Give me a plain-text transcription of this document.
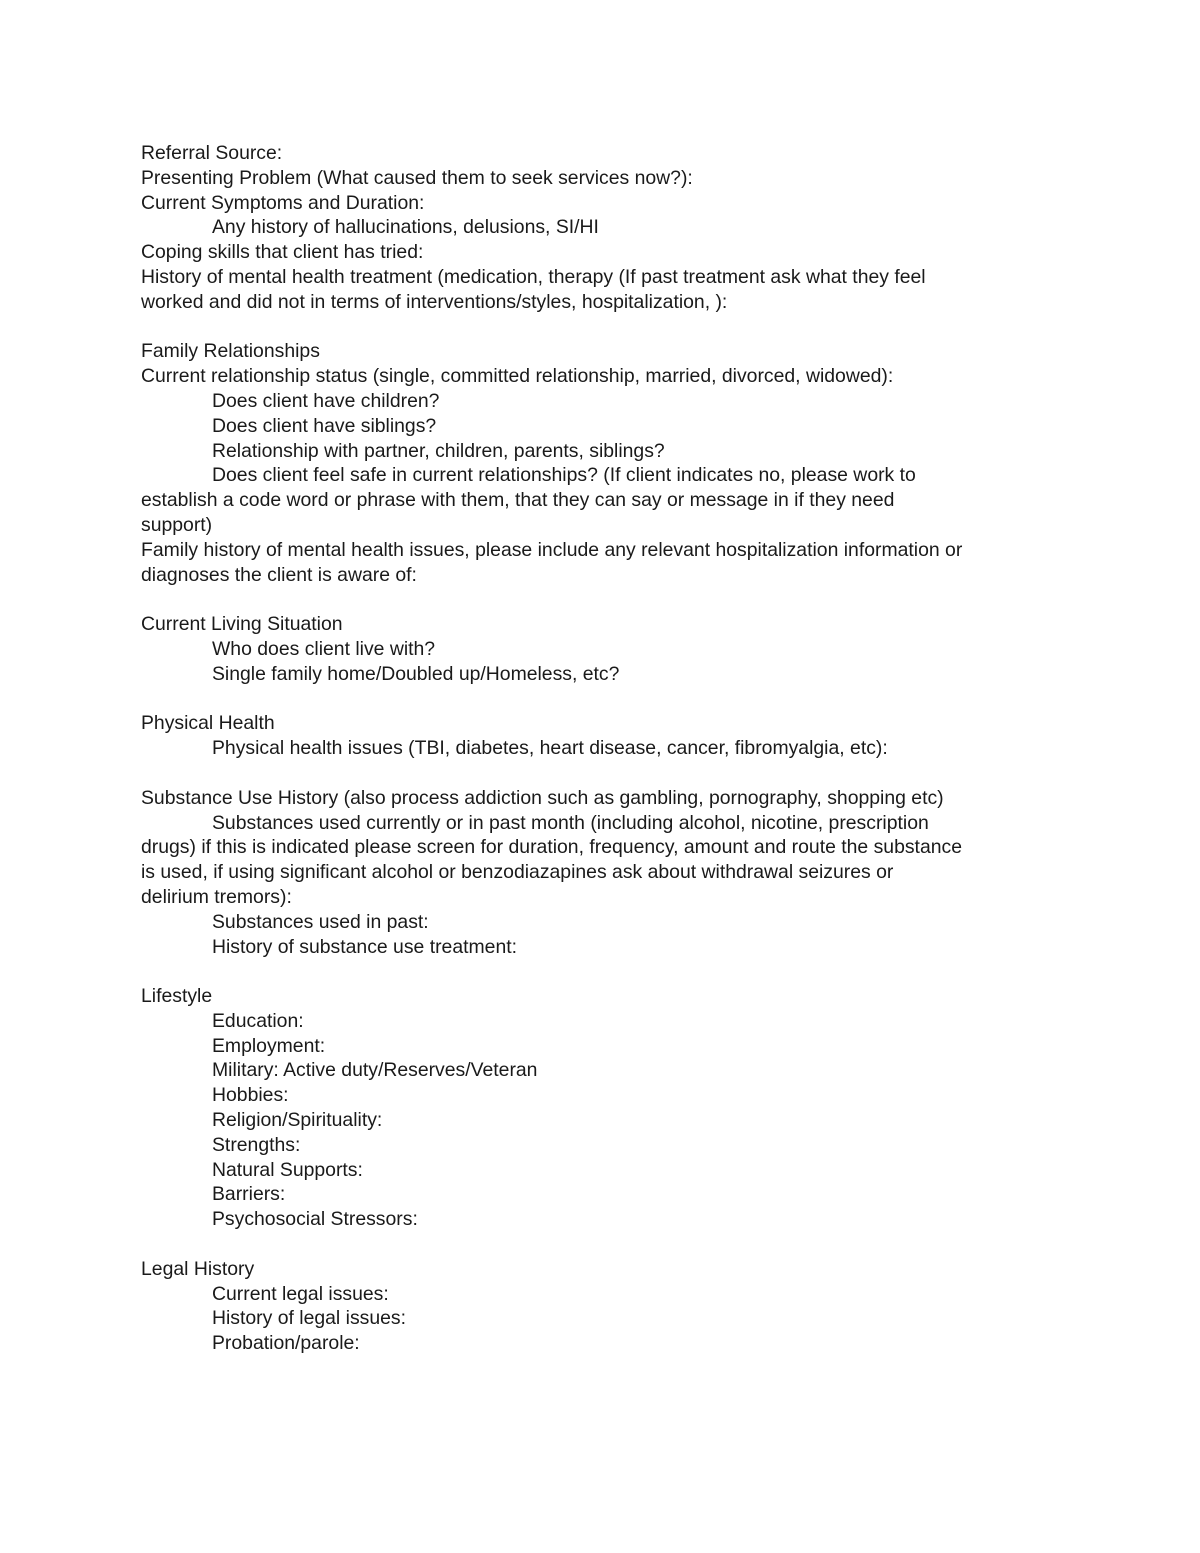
Referral Source:

Presenting Problem (What caused them to seek services now?):

Current Symptoms and Duration:

Any history of hallucinations, delusions, SI/HI

Coping skills that client has tried:

History of mental health treatment (medication, therapy (If past treatment ask what they feel

worked and did not in terms of interventions/styles, hospitalization, ):

Family Relationships

Current relationship status (single, committed relationship, married, divorced, widowed):

Does client have children?

Does client have siblings?

Relationship with partner, children, parents, siblings?

Does client feel safe in current relationships? (If client indicates no, please work to

establish a code word or phrase with them, that they can say or message in if they need

support)

Family history of mental health issues, please include any relevant hospitalization information or

diagnoses the client is aware of:

Current Living Situation

Who does client live with?

Single family home/Doubled up/Homeless, etc?

Physical Health

Physical health issues (TBI, diabetes, heart disease, cancer, fibromyalgia, etc):

Substance Use History (also process addiction such as gambling, pornography, shopping etc)

Substances used currently or in past month (including alcohol, nicotine, prescription

drugs) if this is indicated please screen for duration, frequency, amount and route the substance

is used, if using significant alcohol or benzodiazapines ask about withdrawal seizures or

delirium tremors):

Substances used in past:

History of substance use treatment:

Lifestyle

Education:

Employment:

Military: Active duty/Reserves/Veteran

Hobbies:

Religion/Spirituality:

Strengths:

Natural Supports:

Barriers:

Psychosocial Stressors:

Legal History

Current legal issues:

History of legal issues:

Probation/parole:
